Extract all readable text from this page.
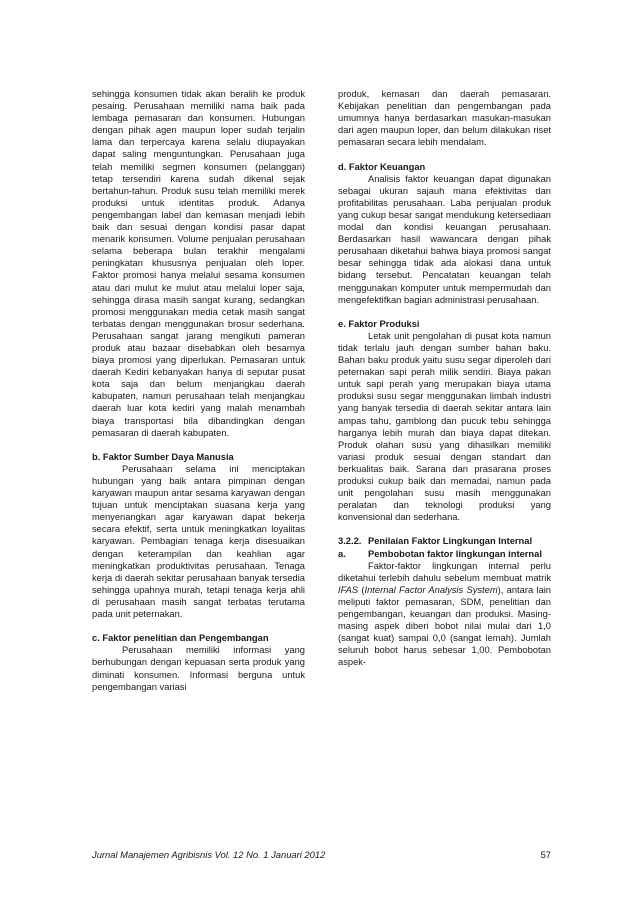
sehingga konsumen tidak akan beralih ke produk pesaing. Perusahaan memiliki nama baik pada lembaga pemasaran dan konsumen. Hubungan dengan pihak agen maupun loper sudah terjalin lama dan terpercaya karena selalu diupayakan dapat saling menguntungkan. Perusahaan juga telah memiliki segmen konsumen (pelanggan) tetap tersendiri karena sudah dikenal sejak bertahun-tahun. Produk susu telah memiliki merek produksi untuk identitas produk. Adanya pengembangan label dan kemasan menjadi lebih baik dan sesuai dengan kondisi pasar dapat menarik konsumen. Volume penjualan perusahaan selama beberapa bulan terakhir mengalami peningkatan khususnya penjualan oleh loper. Faktor promosi hanya melalui sesama konsumen atau dari mulut ke mulut atau melalui loper saja, sehingga dirasa masih sangat kurang, sedangkan promosi menggunakan media cetak masih sangat terbatas dengan menggunakan brosur sederhana. Perusahaan sangat jarang mengikuti pameran produk atau bazaar disebabkan oleh besarnya biaya promosi yang diperlukan. Pemasaran untuk daerah Kediri kebanyakan hanya di seputar pusat kota saja dan belum menjangkau daerah kabupaten, namun perusahaan telah menjangkau daerah luar kota kediri yang malah menambah biaya transportasi bila dibandingkan dengan pemasaran di daerah kabupaten.

b. Faktor Sumber Daya Manusia

Perusahaan selama ini menciptakan hubungan yang baik antara pimpinan dengan karyawan maupun antar sesama karyawan dengan tujuan untuk menciptakan suasana kerja yang menyenangkan agar karyawan dapat bekerja secara efektif, serta untuk meningkatkan loyalitas karyawan. Pembagian tenaga kerja disesuaikan dengan keterampilan dan keahlian agar meningkatkan produktivitas perusahaan. Tenaga kerja di daerah sekitar perusahaan banyak tersedia sehingga upahnya murah, tetapi tenaga kerja ahli di perusahaan masih sangat terbatas terutama pada unit peternakan.

c. Faktor penelitian dan Pengembangan

Perusahaan memiliki informasi yang berhubungan dengan kepuasan serta produk yang diminati konsumen. Informasi berguna untuk pengembangan variasi

produk, kemasan dan daerah pemasaran. Kebijakan penelitian dan pengembangan pada umumnya hanya berdasarkan masukan-masukan dari agen maupun loper, dan belum dilakukan riset pemasaran secara lebih mendalam.

d. Faktor Keuangan

Analisis faktor keuangan dapat digunakan sebagai ukuran sajauh mana efektivitas dan profitabilitas perusahaan. Laba penjualan produk yang cukup besar sangat mendukung ketersediaan modal dan kondisi keuangan perusahaan. Berdasarkan hasil wawancara dengan pihak perusahaan diketahui bahwa biaya promosi sangat besar sehingga tidak ada alokasi dana untuk bidang tersebut. Pencatatan keuangan telah menggunakan komputer untuk mempermudah dan mengefektifkan bagian administrasi perusahaan.

e. Faktor Produksi

Letak unit pengolahan di pusat kota namun tidak terlalu jauh dengan sumber bahan baku. Bahan baku produk yaitu susu segar diperoleh dari peternakan sapi perah milik sendiri. Biaya pakan untuk sapi perah yang merupakan biaya utama produksi susu segar menggunakan limbah industri yang banyak tersedia di daerah sekitar antara lain ampas tahu, gamblong dan pucuk tebu sehingga harganya lebih murah dan biaya dapat ditekan. Produk olahan susu yang dihasilkan memiliki variasi produk sesuai dengan standart dan berkualitas baik. Sarana dan prasarana proses produksi cukup baik dan memadai, namun pada unit pengolahan susu masih menggunakan peralatan dan teknologi produksi yang konvensional dan sederhana.

3.2.2. Penilaian Faktor Lingkungan Internal
a.	Pembobotan faktor lingkungan internal

Faktor-faktor lingkungan internal perlu diketahui terlebih dahulu sebelum membuat matrik IFAS (Internal Factor Analysis System), antara lain meliputi faktor pemasaran, SDM, penelitian dan pengembangan, keuangan dan produksi. Masing-masing aspek diberi bobot nilai mulai dari 1,0 (sangat kuat) sampai 0,0 (sangat lemah). Jumlah seluruh bobot harus sebesar 1,00. Pembobotan aspek-

Jurnal Manajemen Agribisnis Vol. 12 No. 1 Januari 2012	57
